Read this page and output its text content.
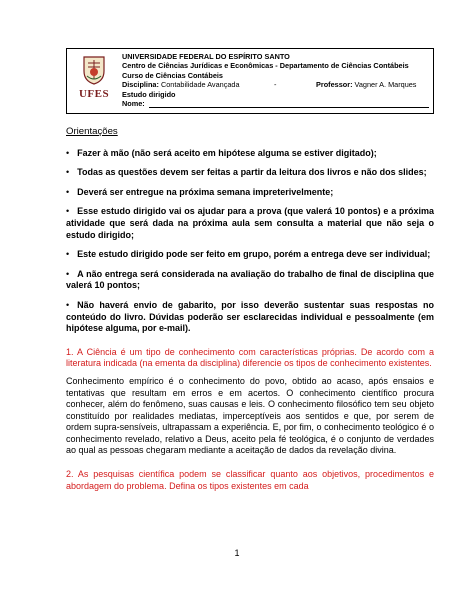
UFES
UNIVERSIDADE FEDERAL DO ESPÍRITO SANTO
Centro de Ciências Jurídicas e Econômicas - Departamento de Ciências Contábeis
Curso de Ciências Contábeis
Disciplina: Contabilidade Avançada	-	Professor: Vagner A. Marques
Estudo dirigido
Nome:
Orientações
• Fazer à mão (não será aceito em hipótese alguma se estiver digitado);
• Todas as questões devem ser feitas a partir da leitura dos livros e não dos slides;
• Deverá ser entregue na próxima semana impreterivelmente;
• Esse estudo dirigido vai os ajudar para a prova (que valerá 10 pontos) e a próxima atividade que será dada na próxima aula sem consulta a material que não seja o estudo dirigido;
• Este estudo dirigido pode ser feito em grupo, porém a entrega deve ser individual;
• A não entrega será considerada na avaliação do trabalho de final de disciplina que valerá 10 pontos;
• Não haverá envio de gabarito, por isso deverão sustentar suas respostas no conteúdo do livro. Dúvidas poderão ser esclarecidas individual e pessoalmente (em hipótese alguma, por e-mail).
1. A Ciência é um tipo de conhecimento com características próprias. De acordo com a literatura indicada (na ementa da disciplina) diferencie os tipos de conhecimento existentes.
Conhecimento empírico é o conhecimento do povo, obtido ao acaso, após ensaios e tentativas que resultam em erros e em acertos. O conhecimento científico procura conhecer, além do fenômeno, suas causas e leis. O conhecimento filosófico tem seu objeto constituído por realidades mediatas, imperceptíveis aos sentidos e que, por serem de ordem supra-sensíveis, ultrapassam a experiência. E, por fim, o conhecimento teológico é o conhecimento revelado, relativo a Deus, aceito pela fé teológica, é o conjunto de verdades ao qual as pessoas chegaram mediante a aceitação de dados da revelação divina.
2. As pesquisas científica podem se classificar quanto aos objetivos, procedimentos e abordagem do problema. Defina os tipos existentes em cada
1
